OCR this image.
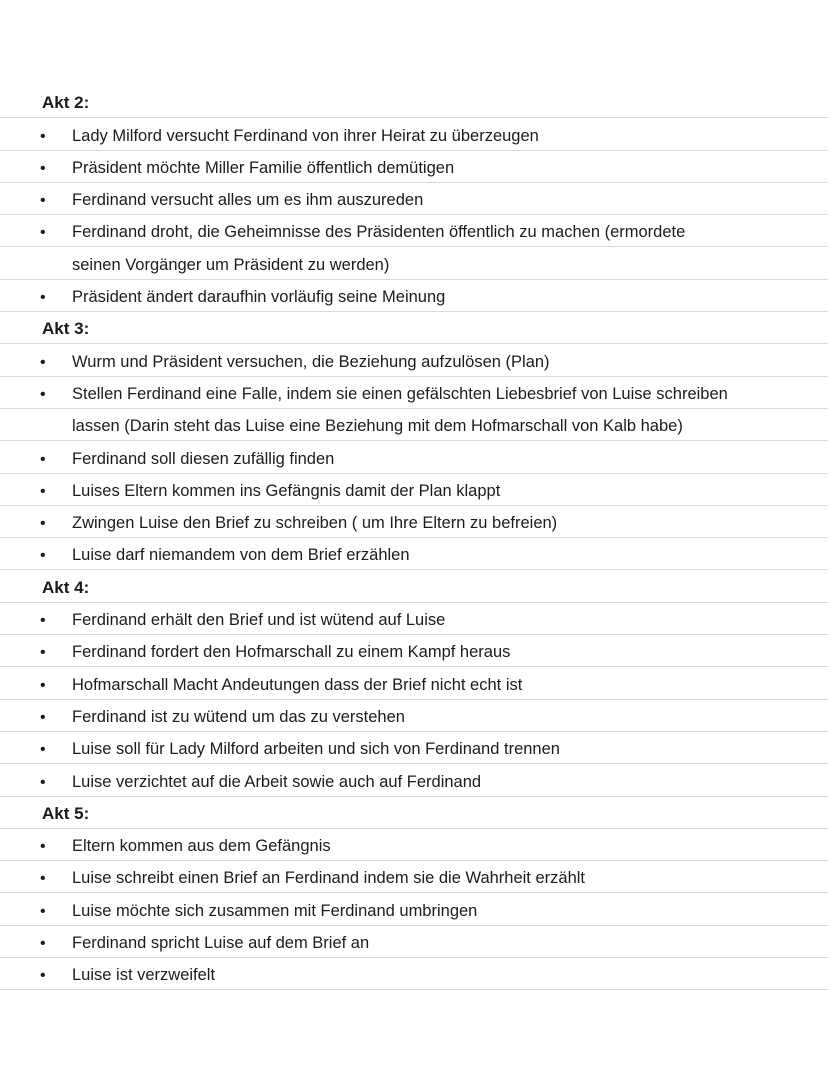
Akt 2:
• Lady Milford versucht Ferdinand von ihrer Heirat zu überzeugen
• Präsident möchte Miller Familie öffentlich demütigen
• Ferdinand versucht alles um es ihm auszureden
• Ferdinand droht, die Geheimnisse des Präsidenten öffentlich zu machen (ermordete
seinen Vorgänger um Präsident zu werden)
• Präsident ändert daraufhin vorläufig seine Meinung
Akt 3:
• Wurm und Präsident versuchen, die Beziehung aufzulösen (Plan)
• Stellen Ferdinand eine Falle, indem sie einen gefälschten Liebesbrief von Luise schreiben
lassen (Darin steht das Luise eine Beziehung mit dem Hofmarschall von Kalb habe)
• Ferdinand soll diesen zufällig finden
• Luises Eltern kommen ins Gefängnis damit der Plan klappt
• Zwingen Luise den Brief zu schreiben ( um Ihre Eltern zu befreien)
• Luise darf niemandem von dem Brief erzählen
Akt 4:
• Ferdinand erhält den Brief und ist wütend auf Luise
• Ferdinand fordert den Hofmarschall zu einem Kampf heraus
• Hofmarschall Macht Andeutungen dass der Brief nicht echt ist
• Ferdinand ist zu wütend um das zu verstehen
• Luise soll für Lady Milford arbeiten und sich von Ferdinand trennen
• Luise verzichtet auf die Arbeit sowie auch auf Ferdinand
Akt 5:
• Eltern kommen aus dem Gefängnis
• Luise schreibt einen Brief an Ferdinand indem sie die Wahrheit erzählt
• Luise möchte sich zusammen mit Ferdinand umbringen
• Ferdinand spricht Luise auf dem Brief an
• Luise ist verzweifelt
